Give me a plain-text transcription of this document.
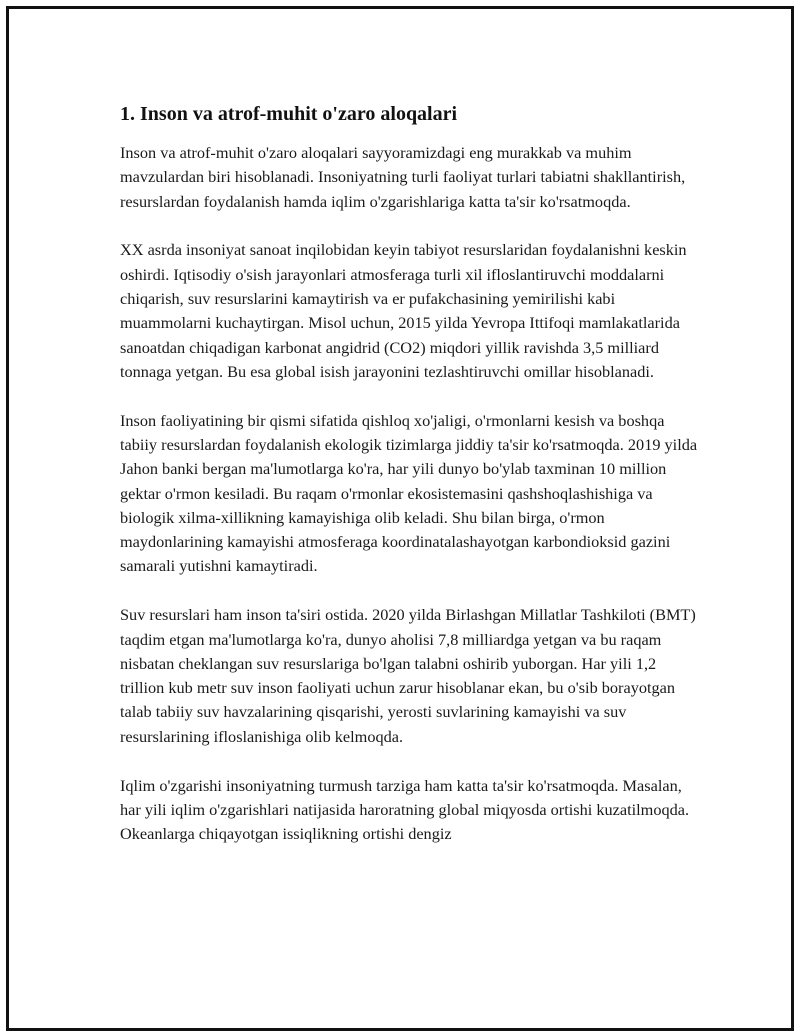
1. Inson va atrof-muhit o'zaro aloqalari

Inson va atrof-muhit o'zaro aloqalari sayyoramizdagi eng murakkab va muhim mavzulardan biri hisoblanadi. Insoniyatning turli faoliyat turlari tabiatni shakllantirish, resurslardan foydalanish hamda iqlim o'zgarishlariga katta ta'sir ko'rsatmoqda.

XX asrda insoniyat sanoat inqilobidan keyin tabiyot resurslaridan foydalanishni keskin oshirdi. Iqtisodiy o'sish jarayonlari atmosferaga turli xil ifloslantiruvchi moddalarni chiqarish, suv resurslarini kamaytirish va er pufakchasining yemirilishi kabi muammolarni kuchaytirgan. Misol uchun, 2015 yilda Yevropa Ittifoqi mamlakatlarida sanoatdan chiqadigan karbonat angidrid (CO2) miqdori yillik ravishda 3,5 milliard tonnaga yetgan. Bu esa global isish jarayonini tezlashtiruvchi omillar hisoblanadi.

Inson faoliyatining bir qismi sifatida qishloq xo'jaligi, o'rmonlarni kesish va boshqa tabiiy resurslardan foydalanish ekologik tizimlarga jiddiy ta'sir ko'rsatmoqda. 2019 yilda Jahon banki bergan ma'lumotlarga ko'ra, har yili dunyo bo'ylab taxminan 10 million gektar o'rmon kesiladi. Bu raqam o'rmonlar ekosistemasini qashshoqlashishiga va biologik xilma-xillikning kamayishiga olib keladi. Shu bilan birga, o'rmon maydonlarining kamayishi atmosferaga koordinatalashayotgan karbondioksid gazini samarali yutishni kamaytiradi.

Suv resurslari ham inson ta'siri ostida. 2020 yilda Birlashgan Millatlar Tashkiloti (BMT) taqdim etgan ma'lumotlarga ko'ra, dunyo aholisi 7,8 milliardga yetgan va bu raqam nisbatan cheklangan suv resurslariga bo'lgan talabni oshirib yuborgan. Har yili 1,2 trillion kub metr suv inson faoliyati uchun zarur hisoblanar ekan, bu o'sib borayotgan talab tabiiy suv havzalarining qisqarishi, yerosti suvlarining kamayishi va suv resurslarining ifloslanishiga olib kelmoqda.

Iqlim o'zgarishi insoniyatning turmush tarziga ham katta ta'sir ko'rsatmoqda. Masalan, har yili iqlim o'zgarishlari natijasida haroratning global miqyosda ortishi kuzatilmoqda. Okeanlarga chiqayotgan issiqlikning ortishi dengiz
